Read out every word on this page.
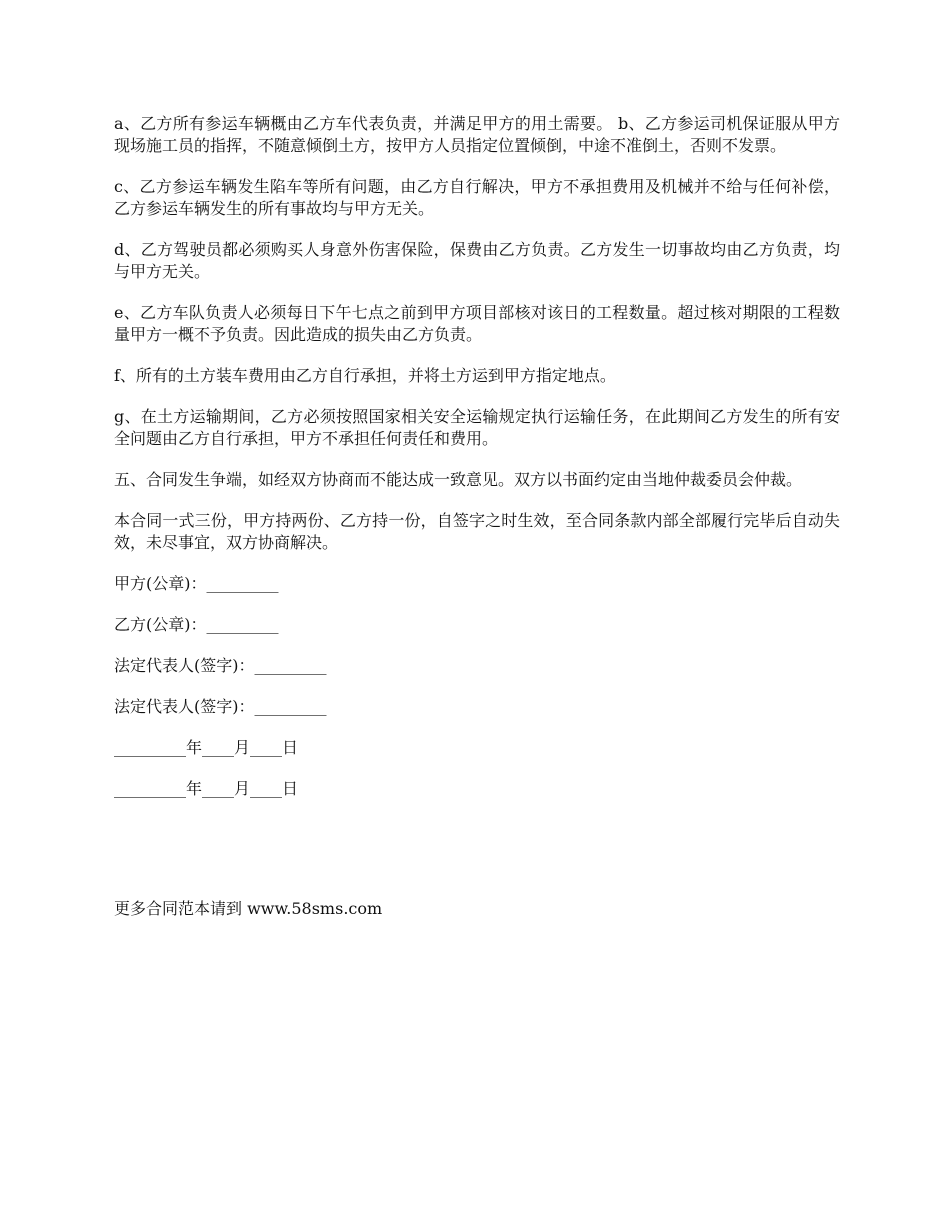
a、乙方所有参运车辆概由乙方车代表负责，并满足甲方的用土需要。 b、乙方参运司机保证服从甲方现场施工员的指挥，不随意倾倒土方，按甲方人员指定位置倾倒，中途不准倒土，否则不发票。

c、乙方参运车辆发生陷车等所有问题，由乙方自行解决，甲方不承担费用及机械并不给与任何补偿，乙方参运车辆发生的所有事故均与甲方无关。

d、乙方驾驶员都必须购买人身意外伤害保险，保费由乙方负责。乙方发生一切事故均由乙方负责，均与甲方无关。

e、乙方车队负责人必须每日下午七点之前到甲方项目部核对该日的工程数量。超过核对期限的工程数量甲方一概不予负责。因此造成的损失由乙方负责。

f、所有的土方装车费用由乙方自行承担，并将土方运到甲方指定地点。

g、在土方运输期间，乙方必须按照国家相关安全运输规定执行运输任务，在此期间乙方发生的所有安全问题由乙方自行承担，甲方不承担任何责任和费用。

五、合同发生争端，如经双方协商而不能达成一致意见。双方以书面约定由当地仲裁委员会仲裁。

本合同一式三份，甲方持两份、乙方持一份，自签字之时生效，至合同条款内部全部履行完毕后自动失效，未尽事宜，双方协商解决。

甲方(公章)：_________
乙方(公章)：_________
法定代表人(签字)：_________
法定代表人(签字)：_________
_________年____月____日
_________年____月____日
更多合同范本请到 www.58sms.com
